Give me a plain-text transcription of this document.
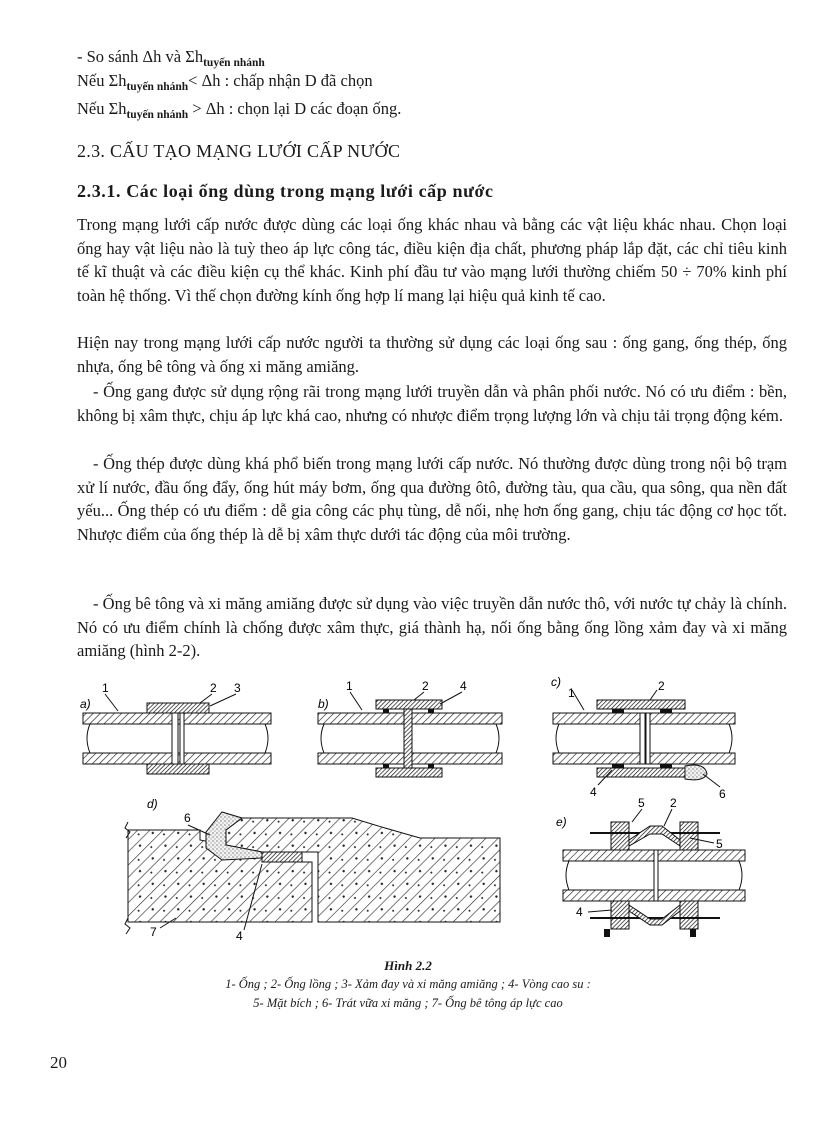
- So sánh Δh và $\Sigma h_{tuyến nhánh}$
Nếu $\Sigma h_{tuyến nhánh}< \Delta h$ : chấp nhận D đã chọn
Nếu $\Sigma h_{tuyến nhánh} > \Delta h$ : chọn lại D các đoạn ống.
2.3. CẤU TẠO MẠNG LƯỚI CẤP NƯỚC
2.3.1. Các loại ống dùng trong mạng lưới cấp nước
Trong mạng lưới cấp nước được dùng các loại ống khác nhau và bằng các vật liệu khác nhau. Chọn loại ống hay vật liệu nào là tuỳ theo áp lực công tác, điều kiện địa chất, phương pháp lắp đặt, các chỉ tiêu kinh tế kĩ thuật và các điều kiện cụ thể khác. Kinh phí đầu tư vào mạng lưới thường chiếm 50 ÷ 70% kinh phí toàn hệ thống. Vì thế chọn đường kính ống hợp lí mang lại hiệu quả kinh tế cao.
Hiện nay trong mạng lưới cấp nước người ta thường sử dụng các loại ống sau : ống gang, ống thép, ống nhựa, ống bê tông và ống xi măng amiăng.
- Ống gang được sử dụng rộng rãi trong mạng lưới truyền dẫn và phân phối nước. Nó có ưu điểm : bền, không bị xâm thực, chịu áp lực khá cao, nhưng có nhược điểm trọng lượng lớn và chịu tải trọng động kém.
- Ống thép được dùng khá phổ biến trong mạng lưới cấp nước. Nó thường được dùng trong nội bộ trạm xử lí nước, đầu ống đẩy, ống hút máy bơm, ống qua đường ôtô, đường tàu, qua cầu, qua sông, qua nền đất yếu... Ống thép có ưu điểm : dễ gia công các phụ tùng, dễ nối, nhẹ hơn ống gang, chịu tác động cơ học tốt. Nhược điểm của ống thép là dễ bị xâm thực dưới tác động của môi trường.
- Ống bê tông và xi măng amiăng được sử dụng vào việc truyền dẫn nước thô, với nước tự chảy là chính. Nó có ưu điểm chính là chống được xâm thực, giá thành hạ, nối ống bằng ống lồng xảm đay và xi măng amiăng (hình 2-2).
a)
1	2 3
b)
1	2	4	c)
1	2
4	6
d)
6
7	4
e)
5 2
5
4
Hình 2.2
1- Ống ; 2- Ống lồng ; 3- Xảm đay và xi măng amiăng ; 4- Vòng cao su :
5- Mặt bích ; 6- Trát vữa xi măng ; 7- Ống bê tông áp lực cao
20
